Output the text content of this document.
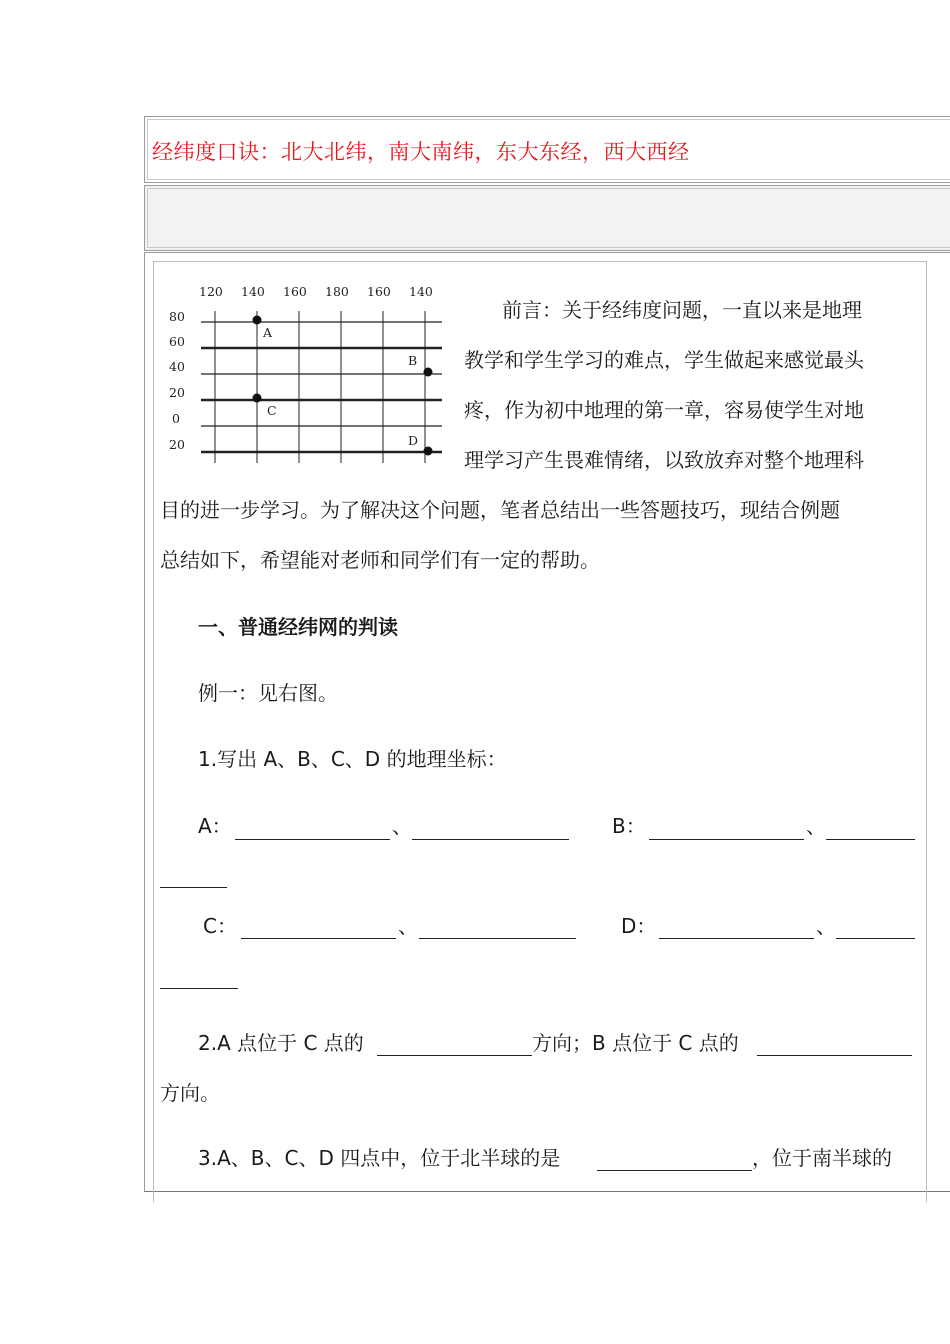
经纬度口诀：北大北纬，南大南纬，东大东经，西大西经
120 140 160 180 160 140
80
60
40
20
0
20
A
B
C
D
前言：关于经纬度问题，一直以来是地理
教学和学生学习的难点，学生做起来感觉最头
疼，作为初中地理的第一章，容易使学生对地
理学习产生畏难情绪，以致放弃对整个地理科
目的进一步学习。为了解决这个问题，笔者总结出一些答题技巧，现结合例题
总结如下，希望能对老师和同学们有一定的帮助。
一、普通经纬网的判读
例一：见右图。
1.写出 A、B、C、D 的地理坐标：
A：	、	B：	、
C：	、	D：	、
2.A 点位于 C 点的	方向；B 点位于 C 点的
方向。
3.A、B、C、D 四点中，位于北半球的是	，位于南半球的
